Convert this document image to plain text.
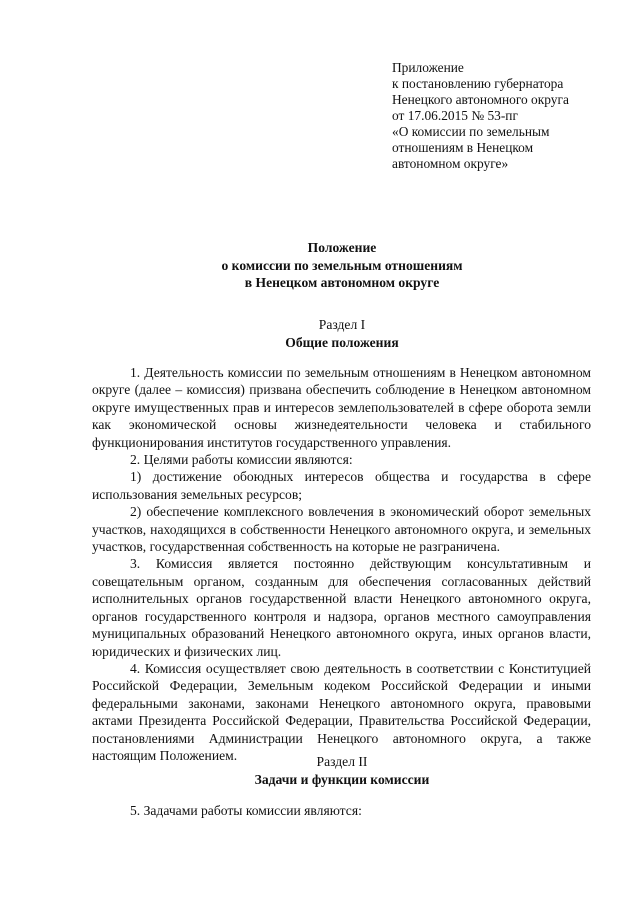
Приложение
к постановлению губернатора
Ненецкого автономного округа
от 17.06.2015 № 53-пг
«О комиссии по земельным
отношениям в Ненецком
автономном округе»
Положение
о комиссии по земельным отношениям
в Ненецком автономном округе
Раздел I
Общие положения

1. Деятельность комиссии по земельным отношениям в Ненецком автономном округе (далее – комиссия) призвана обеспечить соблюдение в Ненецком автономном округе имущественных прав и интересов землепользователей в сфере оборота земли как экономической основы жизнедеятельности человека и стабильного функционирования институтов государственного управления.

2. Целями работы комиссии являются:

1) достижение обоюдных интересов общества и государства в сфере использования земельных ресурсов;

2) обеспечение комплексного вовлечения в экономический оборот земельных участков, находящихся в собственности Ненецкого автономного округа, и земельных участков, государственная собственность на которые не разграничена.

3. Комиссия является постоянно действующим консультативным и совещательным органом, созданным для обеспечения согласованных действий исполнительных органов государственной власти Ненецкого автономного округа, органов государственного контроля и надзора, органов местного самоуправления муниципальных образований Ненецкого автономного округа, иных органов власти, юридических и физических лиц.

4. Комиссия осуществляет свою деятельность в соответствии с Конституцией Российской Федерации, Земельным кодеком Российской Федерации и иными федеральными законами, законами Ненецкого автономного округа, правовыми актами Президента Российской Федерации, Правительства Российской Федерации, постановлениями Администрации Ненецкого автономного округа, а также настоящим Положением.	Раздел II
Задачи и функции комиссии

5. Задачами работы комиссии являются:
